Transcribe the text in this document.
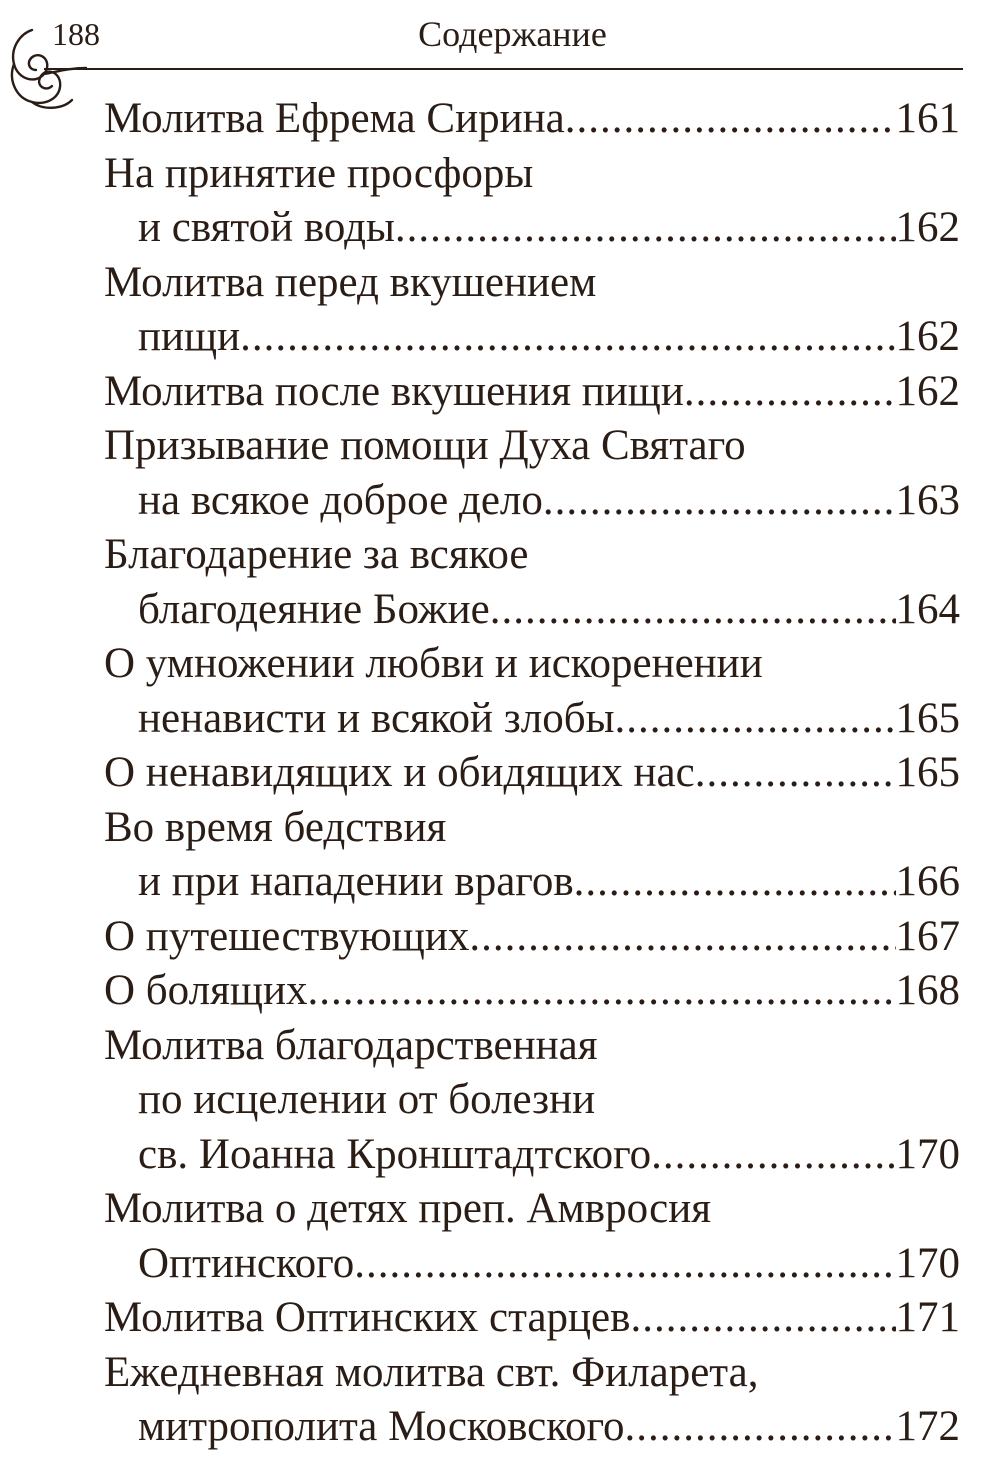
188	Содержание
Молитва Ефрема Сирина .....	161
На принятие просфоры
и святой воды .....	162
Молитва перед вкушением
пищи .....	162
Молитва после вкушения пищи .....	162
Призывание помощи Духа Святаго
на всякое доброе дело .....	163
Благодарение за всякое
благодеяние Божие .....	164
О умножении любви и искоренении
ненависти и всякой злобы .....	165
О ненавидящих и обидящих нас .....	165
Во время бедствия
и при нападении врагов .....	166
О путешествующих .....	167
О болящих .....	168
Молитва благодарственная
по исцелении от болезни
св. Иоанна Кронштадтского .....	170
Молитва о детях преп. Амвросия
Оптинского .....	170
Молитва Оптинских старцев .....	171
Ежедневная молитва свт. Филарета,
митрополита Московского .....	172
